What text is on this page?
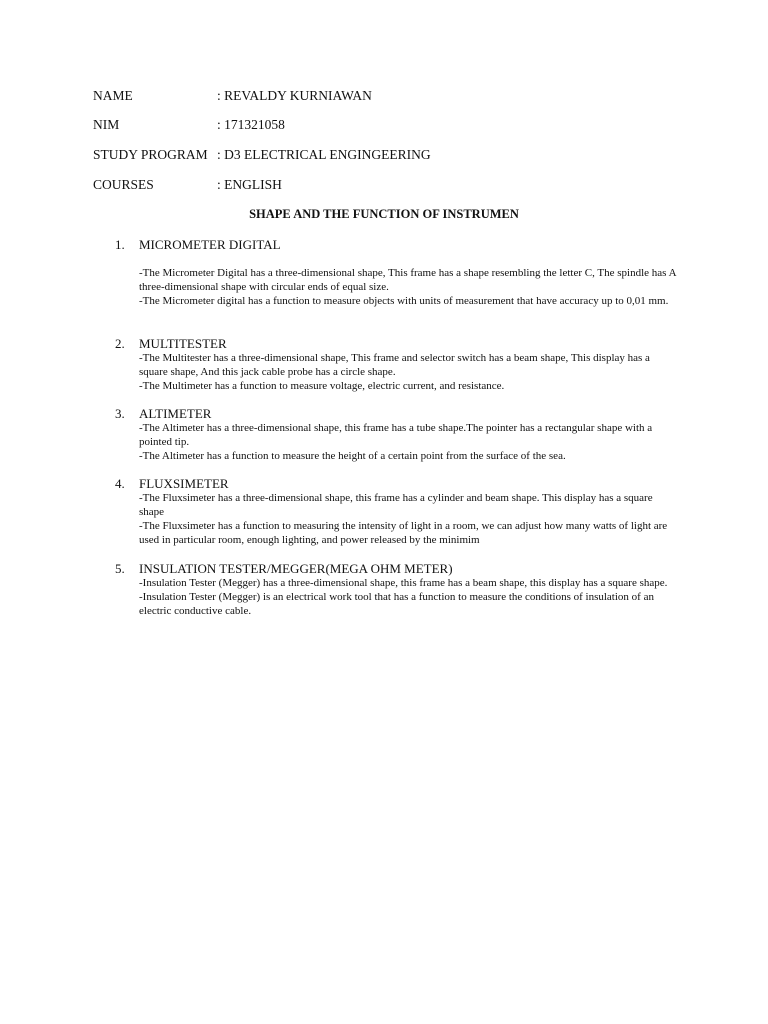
NAME	: REVALDY KURNIAWAN
NIM	: 171321058
STUDY PROGRAM : D3 ELECTRICAL ENGINGEERING
COURSES	: ENGLISH
SHAPE AND THE FUNCTION OF INSTRUMEN
1. MICROMETER DIGITAL

-The Micrometer Digital has a three-dimensional shape, This frame has a shape resembling the letter C, The spindle has A three-dimensional shape with circular ends of equal size.

-The Micrometer digital has a function to measure objects with units of measurement that have accuracy up to 0,01 mm.

2. MULTITESTER

-The Multitester has a three-dimensional shape, This frame and selector switch has a beam shape, This display has a square shape, And this jack cable probe has a circle shape.

-The Multimeter has a function to measure voltage, electric current, and resistance.

3. ALTIMETER

-The Altimeter has a three-dimensional shape, this frame has a tube shape.The pointer has a rectangular shape with a pointed tip.

-The Altimeter has a function to measure the height of a certain point from the surface of the sea.

4. FLUXSIMETER

-The Fluxsimeter has a three-dimensional shape, this frame has a cylinder and beam shape. This display has a square shape

-The Fluxsimeter has a function to measuring the intensity of light in a room, we can adjust how many watts of light are used in particular room, enough lighting, and power released by the minimim

5. INSULATION TESTER/MEGGER(MEGA OHM METER)

-Insulation Tester (Megger) has a three-dimensional shape, this frame has a beam shape, this display has a square shape.

-Insulation Tester (Megger) is an electrical work tool that has a function to measure the conditions of insulation of an electric conductive cable.
